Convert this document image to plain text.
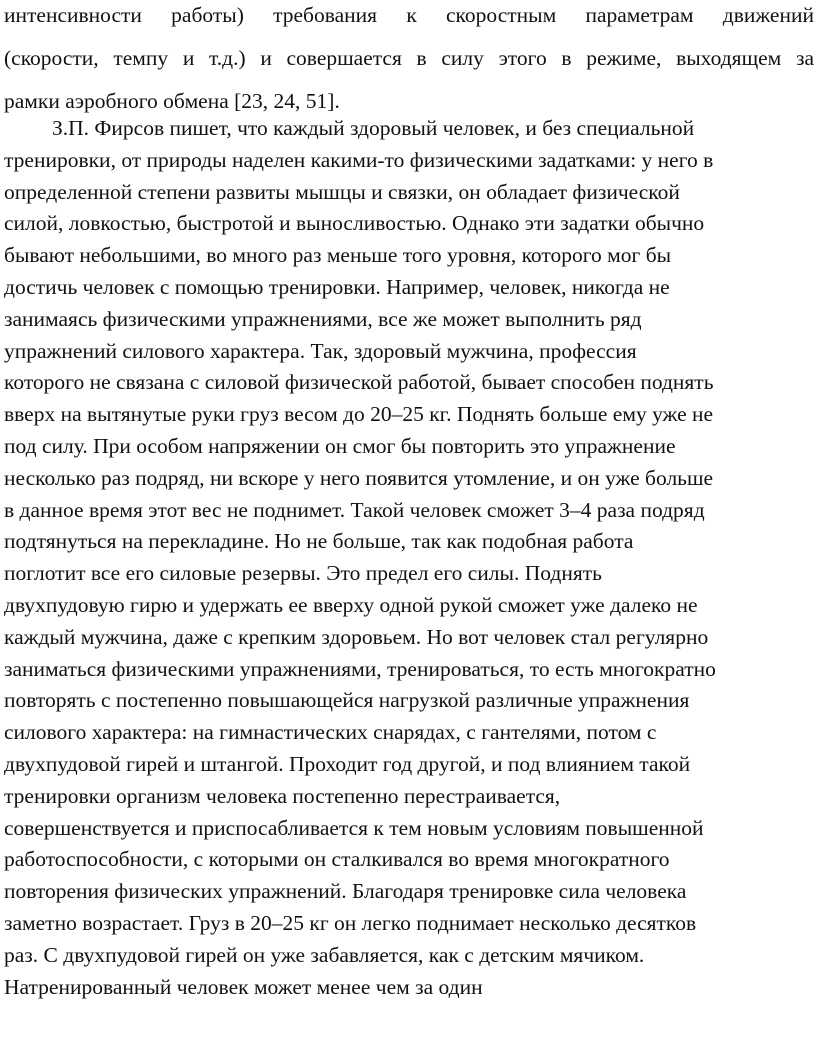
интенсивности работы) требования к скоростным параметрам движений
(скорости, темпу и т.д.) и совершается в силу этого в режиме, выходящем за
рамки аэробного обмена [23, 24, 51].
З.П. Фирсов пишет, что каждый здоровый человек, и без специальной
тренировки, от природы наделен какими-то физическими задатками: у него в
определенной степени развиты мышцы и связки, он обладает физической
силой, ловкостью, быстротой и выносливостью. Однако эти задатки обычно
бывают небольшими, во много раз меньше того уровня, которого мог бы
достичь человек с помощью тренировки. Например, человек, никогда не
занимаясь физическими упражнениями, все же может выполнить ряд
упражнений силового характера. Так, здоровый мужчина, профессия
которого не связана с силовой физической работой, бывает способен поднять
вверх на вытянутые руки груз весом до 20–25 кг. Поднять больше ему уже не
под силу. При особом напряжении он смог бы повторить это упражнение
несколько раз подряд, ни вскоре у него появится утомление, и он уже больше
в данное время этот вес не поднимет. Такой человек сможет 3–4 раза подряд
подтянуться на перекладине. Но не больше, так как подобная работа
поглотит все его силовые резервы. Это предел его силы. Поднять
двухпудовую гирю и удержать ее вверху одной рукой сможет уже далеко не
каждый мужчина, даже с крепким здоровьем. Но вот человек стал регулярно
заниматься физическими упражнениями, тренироваться, то есть многократно
повторять с постепенно повышающейся нагрузкой различные упражнения
силового характера: на гимнастических снарядах, с гантелями, потом с
двухпудовой гирей и штангой. Проходит год другой, и под влиянием такой
тренировки организм человека постепенно перестраивается,
совершенствуется и приспосабливается к тем новым условиям повышенной
работоспособности, с которыми он сталкивался во время многократного
повторения физических упражнений. Благодаря тренировке сила человека
заметно возрастает. Груз в 20–25 кг он легко поднимает несколько десятков
раз. С двухпудовой гирей он уже забавляется, как с детским мячиком.
Натренированный человек может менее чем за один
